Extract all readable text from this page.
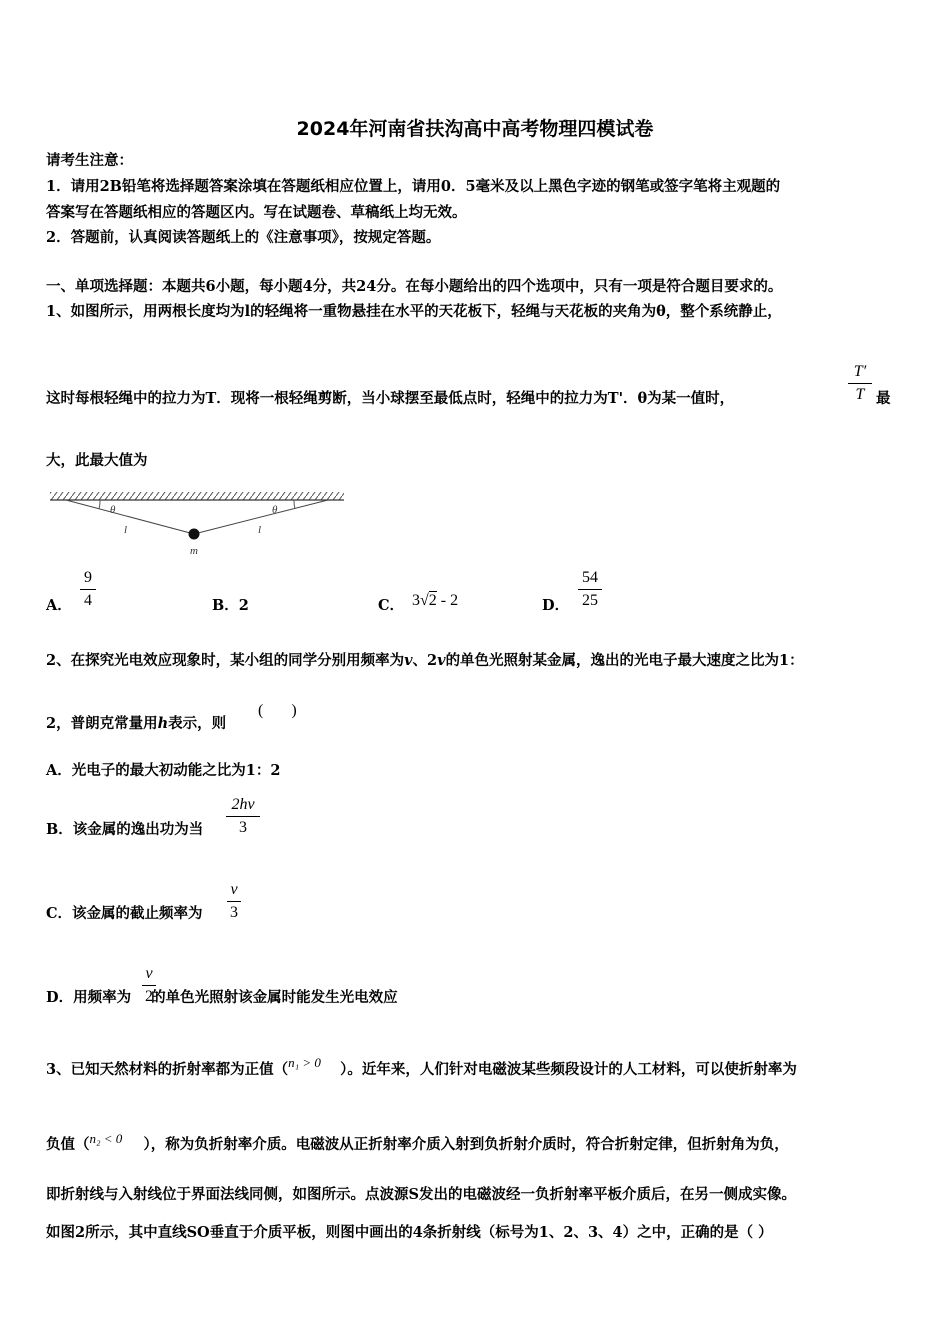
2024年河南省扶沟高中高考物理四模试卷
请考生注意：
1．请用2B铅笔将选择题答案涂填在答题纸相应位置上，请用0．5毫米及以上黑色字迹的钢笔或签字笔将主观题的
答案写在答题纸相应的答题区内。写在试题卷、草稿纸上均无效。
2．答题前，认真阅读答题纸上的《注意事项》，按规定答题。
一、单项选择题：本题共6小题，每小题4分，共24分。在每小题给出的四个选项中，只有一项是符合题目要求的。
1、如图所示，用两根长度均为l的轻绳将一重物悬挂在水平的天花板下，轻绳与天花板的夹角为θ，整个系统静止，
这时每根轻绳中的拉力为T．现将一根轻绳剪断，当小球摆至最低点时，轻绳中的拉力为T'．θ为某一值时，
T′
T 最
大，此最大值为
θ	θ
l	l
m
A．
9
4	B．2	C． 3√2 - 2	D．
54
25
2、在探究光电效应现象时，某小组的同学分别用频率为v、2v的单色光照射某金属，逸出的光电子最大速度之比为1：
2，普朗克常量用h表示，则
(       )
A．光电子的最大初动能之比为1：2
B．该金属的逸出功为当
2hν
3
C．该金属的截止频率为
v
3
D．用频率为 的单色光照射该金属时能发生光电效应
v
2
3、已知天然材料的折射率都为正值（n₁ > 0 ）。近年来，人们针对电磁波某些频段设计的人工材料，可以使折射率为
负值（n₂ < 0 ），称为负折射率介质。电磁波从正折射率介质入射到负折射介质时，符合折射定律，但折射角为负，
即折射线与入射线位于界面法线同侧，如图所示。点波源S发出的电磁波经一负折射率平板介质后，在另一侧成实像。
如图2所示，其中直线SO垂直于介质平板，则图中画出的4条折射线（标号为1、2、3、4）之中，正确的是（ ）
